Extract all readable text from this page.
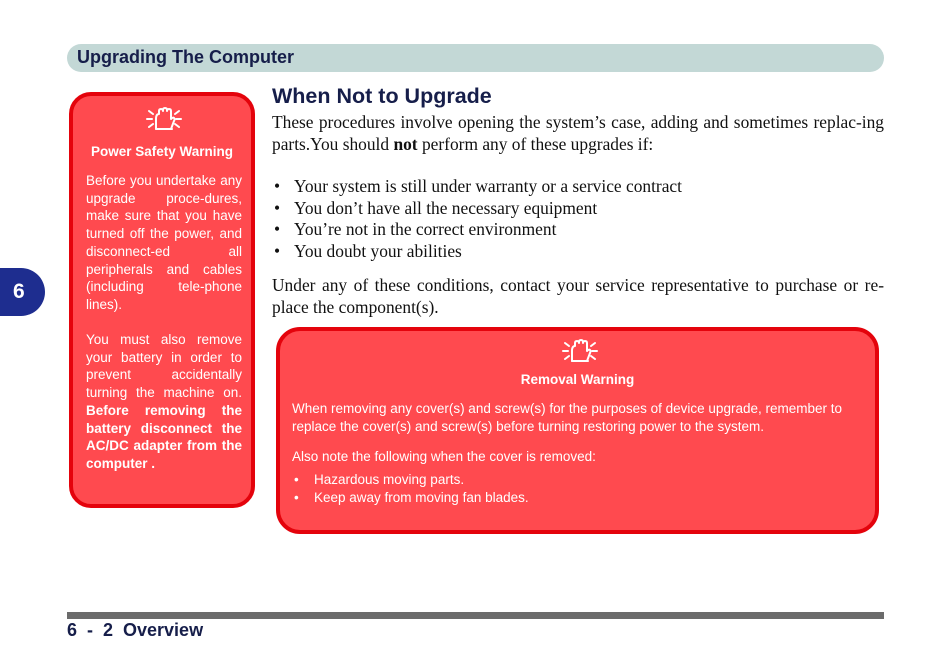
Upgrading The Computer
6
Power Safety Warning

Before you undertake any upgrade proce-dures, make sure that you have turned off the power, and disconnect-ed all peripherals and cables (including tele-phone lines).

You must also remove your battery in order to prevent accidentally turning the machine on. Before removing the battery disconnect the AC/DC adapter from the computer .

When Not to Upgrade

These procedures involve opening the system’s case, adding and sometimes replac-ing parts.You should not perform any of these upgrades if:

• Your system is still under warranty or a service contract
• You don’t have all the necessary equipment
• You’re not in the correct environment
• You doubt your abilities

Under any of these conditions, contact your service representative to purchase or re-place the component(s).

Removal Warning

When removing any cover(s) and screw(s) for the purposes of device upgrade, remember to replace the cover(s) and screw(s) before turning restoring power to the system.

Also note the following when the cover is removed:

• Hazardous moving parts.
• Keep away from moving fan blades.
6  -  2  Overview
